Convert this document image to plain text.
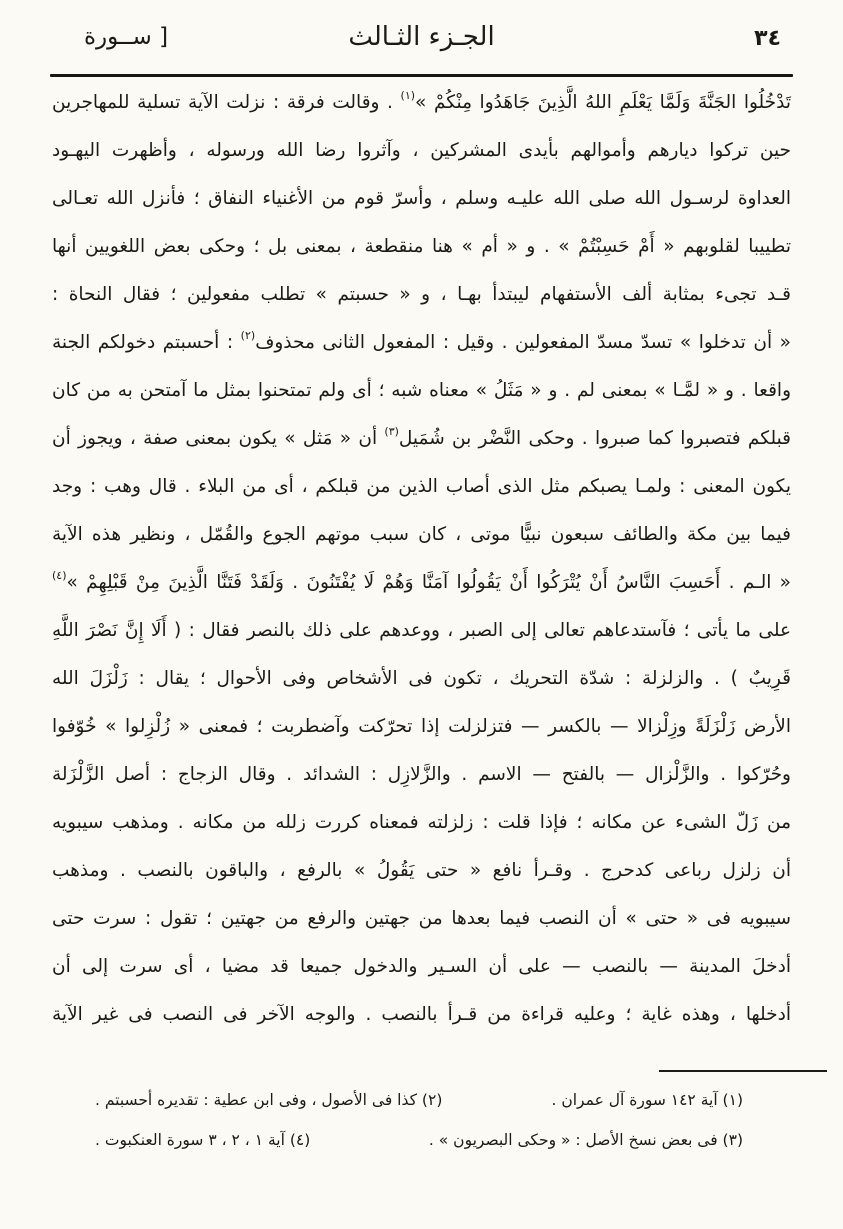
٣٤
الجـزء الثـالث
[ ســورة
تَدْخُلُوا الجَنَّةَ وَلَمَّا يَعْلَمِ اللهُ الَّذِينَ جَاهَدُوا مِنْكُمْ »$^{(١)}$ . وقالت فرقة : نزلت الآية تسلية للمهاجرين
حين تركوا ديارهم وأموالهم بأيدى المشركين ، وآثروا رضا الله ورسوله ، وأظهرت اليهـود
العداوة لرسـول الله صلى الله عليـه وسلم ، وأسرّ قوم من الأغنياء النفاق ؛ فأنزل الله تعـالى
تطييبا لقلوبهم « أَمْ حَسِبْتُمْ » . و « أم » هنا منقطعة ، بمعنى بل ؛ وحكى بعض اللغويين أنها
قـد تجىء بمثابة ألف الأستفهام ليبتدأ بهـا ، و « حسبتم » تطلب مفعولين ؛ فقال النحاة :
« أن تدخلوا » تسدّ مسدّ المفعولين . وقيل : المفعول الثانى محذوف$^{(٢)}$ : أحسبتم دخولكم الجنة
واقعا . و « لمَّـا » بمعنى لم . و « مَثَلُ » معناه شبه ؛ أى ولم تمتحنوا بمثل ما آمتحن به من كان
قبلكم فتصبروا كما صبروا . وحكى النَّضْر بن شُمَيل$^{(٣)}$ أن « مَثل » يكون بمعنى صفة ، ويجوز أن
يكون المعنى : ولمـا يصبكم مثل الذى أصاب الذين من قبلكم ، أى من البلاء . قال وهب : وجد
فيما بين مكة والطائف سبعون نبيًّا موتى ، كان سبب موتهم الجوع والقُمّل ، ونظير هذه الآية
« الـم . أَحَسِبَ النَّاسُ أَنْ يُتْرَكُوا أَنْ يَقُولُوا آمَنَّا وَهُمْ لَا يُفْتَنُونَ . وَلَقَدْ فَتَنَّا الَّذِينَ مِنْ قَبْلِهِمْ »$^{(٤)}$
على ما يأتى ؛ فآستدعاهم تعالى إلى الصبر ، ووعدهم على ذلك بالنصر فقال : ( أَلَا إِنَّ نَصْرَ اللَّهِ
قَرِيبٌ ) . والزلزلة : شدّة التحريك ، تكون فى الأشخاص وفى الأحوال ؛ يقال : زَلْزَلَ الله
الأرض زَلْزَلَةً وزِلْزالا — بالكسر — فتزلزلت إذا تحرّكت وآضطربت ؛ فمعنى « زُلْزِلوا » خُوّفوا
وحُرّكوا . والزَّلْزال — بالفتح — الاسم . والزَّلازِل : الشدائد . وقال الزجاج : أصل الزَّلْزَلة
من زَلّ الشىء عن مكانه ؛ فإذا قلت : زلزلته فمعناه كررت زلله من مكانه . ومذهب سيبويه
أن زلزل رباعى كدحرج . وقـرأ نافع « حتى يَقُولُ » بالرفع ، والباقون بالنصب . ومذهب
سيبويه فى « حتى » أن النصب فيما بعدها من جهتين والرفع من جهتين ؛ تقول : سرت حتى
أدخلَ المدينة — بالنصب — على أن السـير والدخول جميعا قد مضيا ، أى سرت إلى أن
أدخلها ، وهذه غاية ؛ وعليه قراءة من قـرأ بالنصب . والوجه الآخر فى النصب فى غير الآية
(١) آية ١٤٢ سورة آل عمران .
(٢) كذا فى الأصول ، وفى ابن عطية : تقديره أحسبتم .
(٣) فى بعض نسخ الأصل : « وحكى البصريون » .
(٤) آية ١ ، ٢ ، ٣ سورة العنكبوت .
